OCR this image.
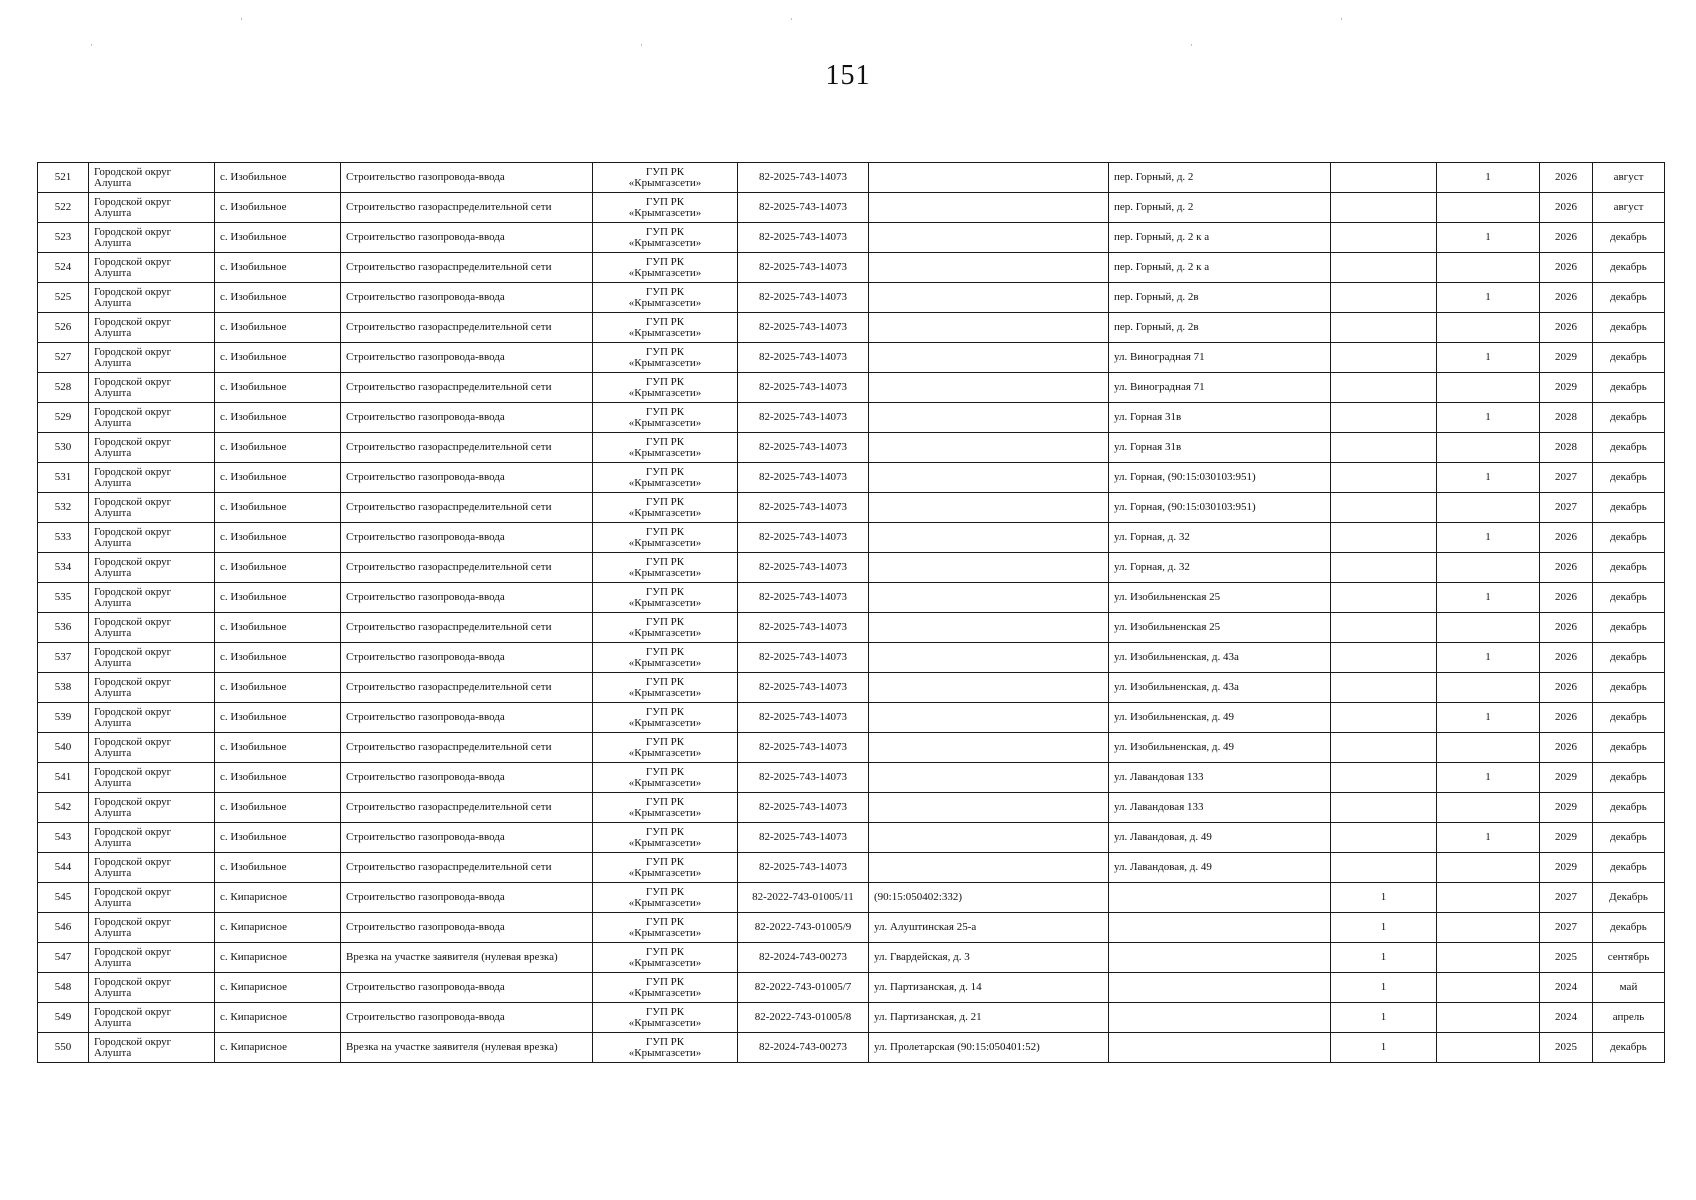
151
·	·	·
·	·	·
521	Городской округ Алушта	с. Изобильное	Строительство газопровода-ввода	ГУП РК
«Крымгазсети»	82-2025-743-14073		пер. Горный, д. 2		1	2026	август
522	Городской округ Алушта	с. Изобильное	Строительство газораспределительной сети	ГУП РК
«Крымгазсети»	82-2025-743-14073		пер. Горный, д. 2			2026	август
523	Городской округ Алушта	с. Изобильное	Строительство газопровода-ввода	ГУП РК
«Крымгазсети»	82-2025-743-14073		пер. Горный, д. 2 к а		1	2026	декабрь
524	Городской округ Алушта	с. Изобильное	Строительство газораспределительной сети	ГУП РК
«Крымгазсети»	82-2025-743-14073		пер. Горный, д. 2 к а			2026	декабрь
525	Городской округ Алушта	с. Изобильное	Строительство газопровода-ввода	ГУП РК
«Крымгазсети»	82-2025-743-14073		пер. Горный, д. 2в		1	2026	декабрь
526	Городской округ Алушта	с. Изобильное	Строительство газораспределительной сети	ГУП РК
«Крымгазсети»	82-2025-743-14073		пер. Горный, д. 2в			2026	декабрь
527	Городской округ Алушта	с. Изобильное	Строительство газопровода-ввода	ГУП РК
«Крымгазсети»	82-2025-743-14073		ул. Виноградная 71		1	2029	декабрь
528	Городской округ Алушта	с. Изобильное	Строительство газораспределительной сети	ГУП РК
«Крымгазсети»	82-2025-743-14073		ул. Виноградная 71			2029	декабрь
529	Городской округ Алушта	с. Изобильное	Строительство газопровода-ввода	ГУП РК
«Крымгазсети»	82-2025-743-14073		ул. Горная 31в		1	2028	декабрь
530	Городской округ Алушта	с. Изобильное	Строительство газораспределительной сети	ГУП РК
«Крымгазсети»	82-2025-743-14073		ул. Горная 31в			2028	декабрь
531	Городской округ Алушта	с. Изобильное	Строительство газопровода-ввода	ГУП РК
«Крымгазсети»	82-2025-743-14073		ул. Горная, (90:15:030103:951)		1	2027	декабрь
532	Городской округ Алушта	с. Изобильное	Строительство газораспределительной сети	ГУП РК
«Крымгазсети»	82-2025-743-14073		ул. Горная, (90:15:030103:951)			2027	декабрь
533	Городской округ Алушта	с. Изобильное	Строительство газопровода-ввода	ГУП РК
«Крымгазсети»	82-2025-743-14073		ул. Горная, д. 32		1	2026	декабрь
534	Городской округ Алушта	с. Изобильное	Строительство газораспределительной сети	ГУП РК
«Крымгазсети»	82-2025-743-14073		ул. Горная, д. 32			2026	декабрь
535	Городской округ Алушта	с. Изобильное	Строительство газопровода-ввода	ГУП РК
«Крымгазсети»	82-2025-743-14073		ул. Изобильненская 25		1	2026	декабрь
536	Городской округ Алушта	с. Изобильное	Строительство газораспределительной сети	ГУП РК
«Крымгазсети»	82-2025-743-14073		ул. Изобильненская 25			2026	декабрь
537	Городской округ Алушта	с. Изобильное	Строительство газопровода-ввода	ГУП РК
«Крымгазсети»	82-2025-743-14073		ул. Изобильненская, д. 43а		1	2026	декабрь
538	Городской округ Алушта	с. Изобильное	Строительство газораспределительной сети	ГУП РК
«Крымгазсети»	82-2025-743-14073		ул. Изобильненская, д. 43а			2026	декабрь
539	Городской округ Алушта	с. Изобильное	Строительство газопровода-ввода	ГУП РК
«Крымгазсети»	82-2025-743-14073		ул. Изобильненская, д. 49		1	2026	декабрь
540	Городской округ Алушта	с. Изобильное	Строительство газораспределительной сети	ГУП РК
«Крымгазсети»	82-2025-743-14073		ул. Изобильненская, д. 49			2026	декабрь
541	Городской округ Алушта	с. Изобильное	Строительство газопровода-ввода	ГУП РК
«Крымгазсети»	82-2025-743-14073		ул. Лавандовая 133		1	2029	декабрь
542	Городской округ Алушта	с. Изобильное	Строительство газораспределительной сети	ГУП РК
«Крымгазсети»	82-2025-743-14073		ул. Лавандовая 133			2029	декабрь
543	Городской округ Алушта	с. Изобильное	Строительство газопровода-ввода	ГУП РК
«Крымгазсети»	82-2025-743-14073		ул. Лавандовая, д. 49		1	2029	декабрь
544	Городской округ Алушта	с. Изобильное	Строительство газораспределительной сети	ГУП РК
«Крымгазсети»	82-2025-743-14073		ул. Лавандовая, д. 49			2029	декабрь
545	Городской округ Алушта	с. Кипарисное	Строительство газопровода-ввода	ГУП РК
«Крымгазсети»	82-2022-743-01005/11	(90:15:050402:332)		1		2027	Декабрь
546	Городской округ Алушта	с. Кипарисное	Строительство газопровода-ввода	ГУП РК
«Крымгазсети»	82-2022-743-01005/9	ул. Алуштинская 25-а		1		2027	декабрь
547	Городской округ Алушта	с. Кипарисное	Врезка на участке заявителя (нулевая врезка)	ГУП РК
«Крымгазсети»	82-2024-743-00273	ул. Гвардейская, д. 3		1		2025	сентябрь
548	Городской округ Алушта	с. Кипарисное	Строительство газопровода-ввода	ГУП РК
«Крымгазсети»	82-2022-743-01005/7	ул. Партизанская, д. 14		1		2024	май
549	Городской округ Алушта	с. Кипарисное	Строительство газопровода-ввода	ГУП РК
«Крымгазсети»	82-2022-743-01005/8	ул. Партизанская, д. 21		1		2024	апрель
550	Городской округ Алушта	с. Кипарисное	Врезка на участке заявителя (нулевая врезка)	ГУП РК
«Крымгазсети»	82-2024-743-00273	ул. Пролетарская (90:15:050401:52)		1		2025	декабрь
